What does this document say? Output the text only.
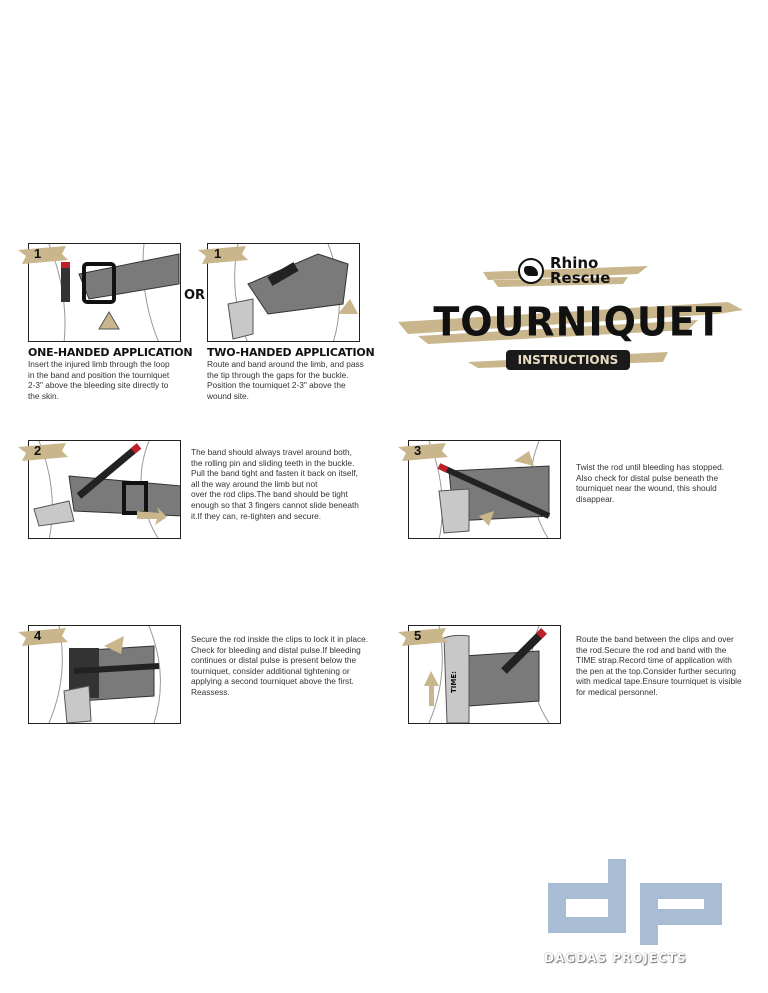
Rhino
Rescue
TOURNIQUET
INSTRUCTIONS
1
OR
1
ONE-HANDED APPLICATION
Insert the injured limb through the loop
in the band and position the tourniquet
2-3" above the bleeding site directly to
the skin.
TWO-HANDED APPLICATION
Route and band around the limb, and pass
the tip through the gaps for the buckle.
Position the tourniquet 2-3" above the
wound site.
2	The band should always travel around both,
the rolling pin and sliding teeth in the buckle.
Pull the band tight and fasten it back on itself,
all the way around the limb but not
over the rod clips.The band should be tight
enough so that 3 fingers cannot slide beneath
it.If they can, re-tighten and secure.
3
Twist the rod until bleeding has stopped.
Also check for distal pulse beneath the
tourniquet near the wound, this should
disappear.
4	Secure the rod inside the clips to lock it in place.
Check for bleeding and distal pulse.If bleeding
continues or distal pulse is present below the
tourniquet, consider additional tightening or
applying a second tourniquet above the first.
Reassess.	TIME:
5	Route the band between the clips and over
the rod.Secure the rod and band with the
TIME strap.Record time of application with
the pen at the top.Consider further securing
with medical tape.Ensure tourniquet is visible
for medical personnel.
DAGDAS PROJECTS
